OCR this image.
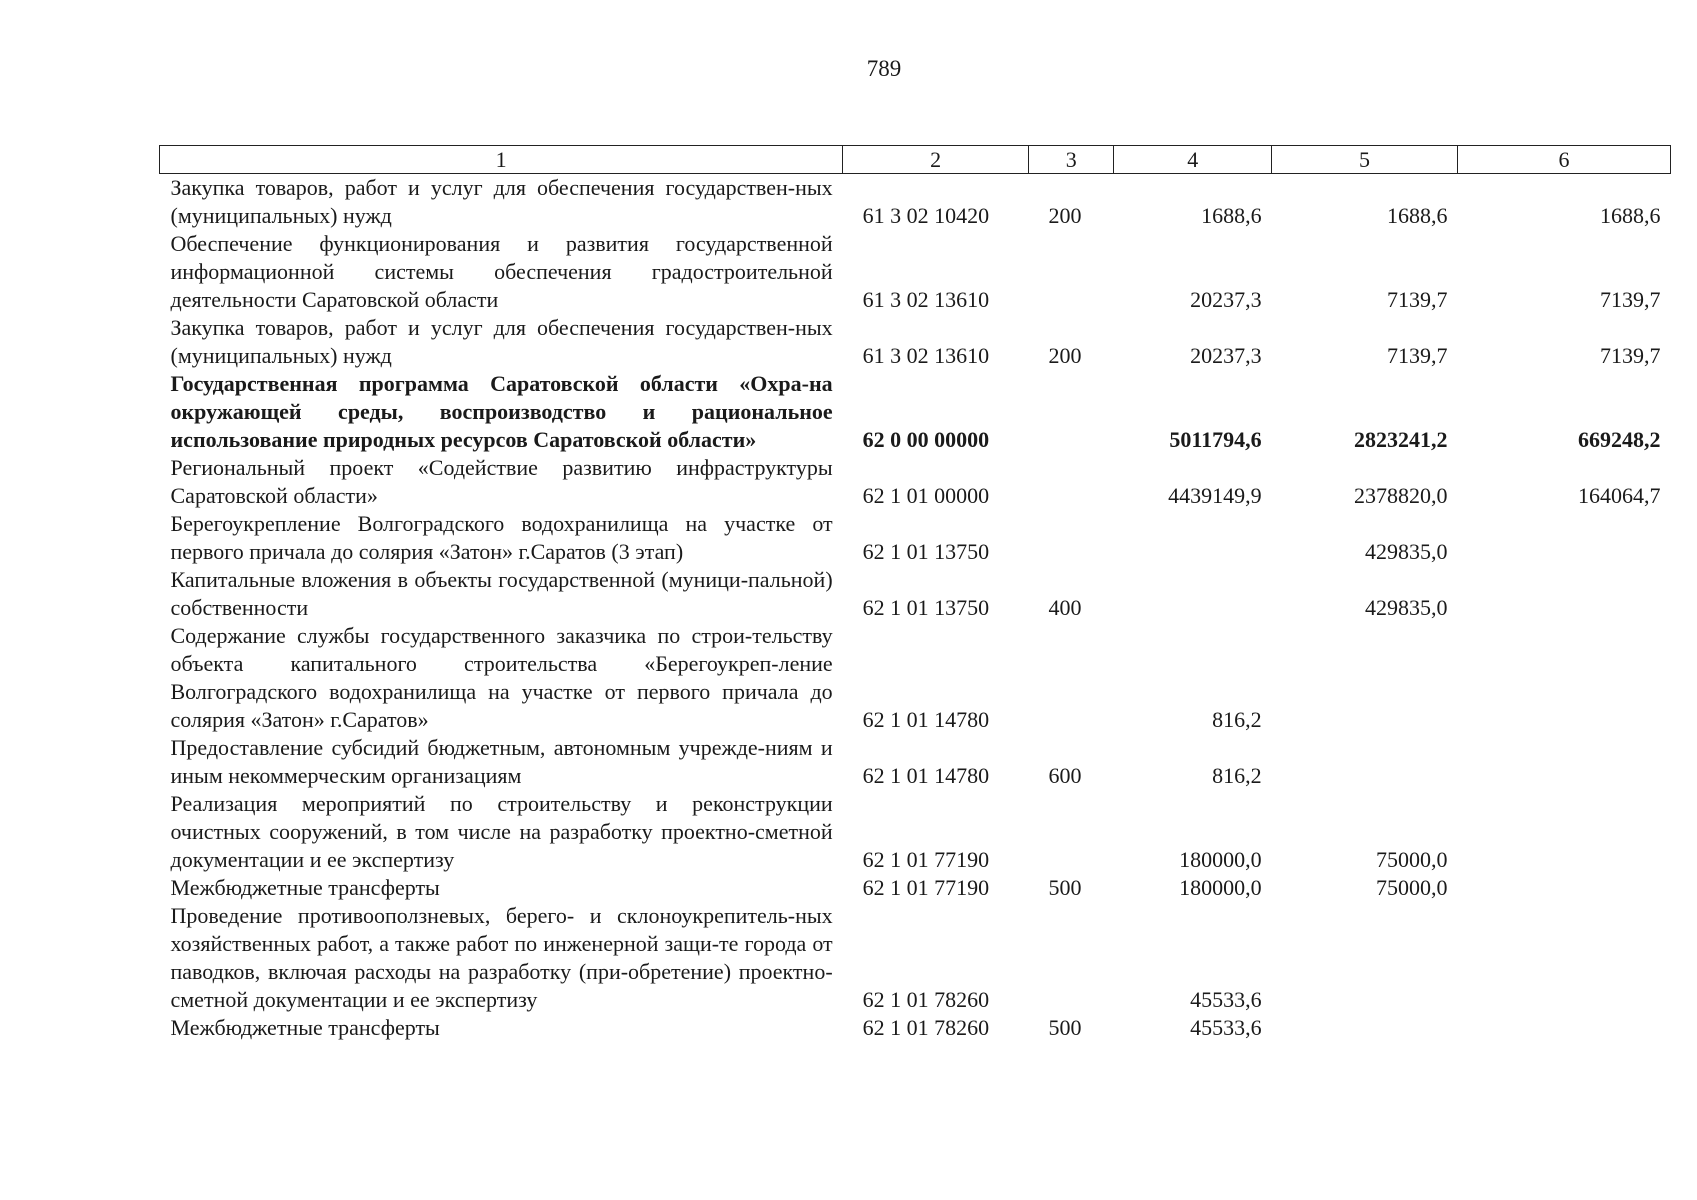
789
1	2	3	4	5	6
Закупка товаров, работ и услуг для обеспечения государствен-ных (муниципальных) нужд	61 3 02 10420	200	1688,6	1688,6	1688,6
Обеспечение функционирования и развития государственной информационной системы обеспечения градостроительной деятельности Саратовской области	61 3 02 13610		20237,3	7139,7	7139,7
Закупка товаров, работ и услуг для обеспечения государствен-ных (муниципальных) нужд	61 3 02 13610	200	20237,3	7139,7	7139,7
Государственная программа Саратовской области «Охра-на окружающей среды, воспроизводство и рациональное использование природных ресурсов Саратовской области»	62 0 00 00000		5011794,6	2823241,2	669248,2
Региональный проект «Содействие развитию инфраструктуры Саратовской области»	62 1 01 00000		4439149,9	2378820,0	164064,7
Берегоукрепление Волгоградского водохранилища на участке от первого причала до солярия «Затон» г.Саратов (3 этап)	62 1 01 13750			429835,0	
Капитальные вложения в объекты государственной (муници-пальной) собственности	62 1 01 13750	400		429835,0	
Содержание службы государственного заказчика по строи-тельству объекта капитального строительства «Берегоукреп-ление Волгоградского водохранилища на участке от первого причала до солярия «Затон» г.Саратов»	62 1 01 14780		816,2		
Предоставление субсидий бюджетным, автономным учрежде-ниям и иным некоммерческим организациям	62 1 01 14780	600	816,2		
Реализация мероприятий по строительству и реконструкции очистных сооружений, в том числе на разработку проектно-сметной документации и ее экспертизу	62 1 01 77190		180000,0	75000,0	
Межбюджетные трансферты	62 1 01 77190	500	180000,0	75000,0	
Проведение противооползневых, берего- и склоноукрепитель-ных хозяйственных работ, а также работ по инженерной защи-те города от паводков, включая расходы на разработку (при-обретение) проектно-сметной документации и ее экспертизу	62 1 01 78260		45533,6		
Межбюджетные трансферты	62 1 01 78260	500	45533,6		
